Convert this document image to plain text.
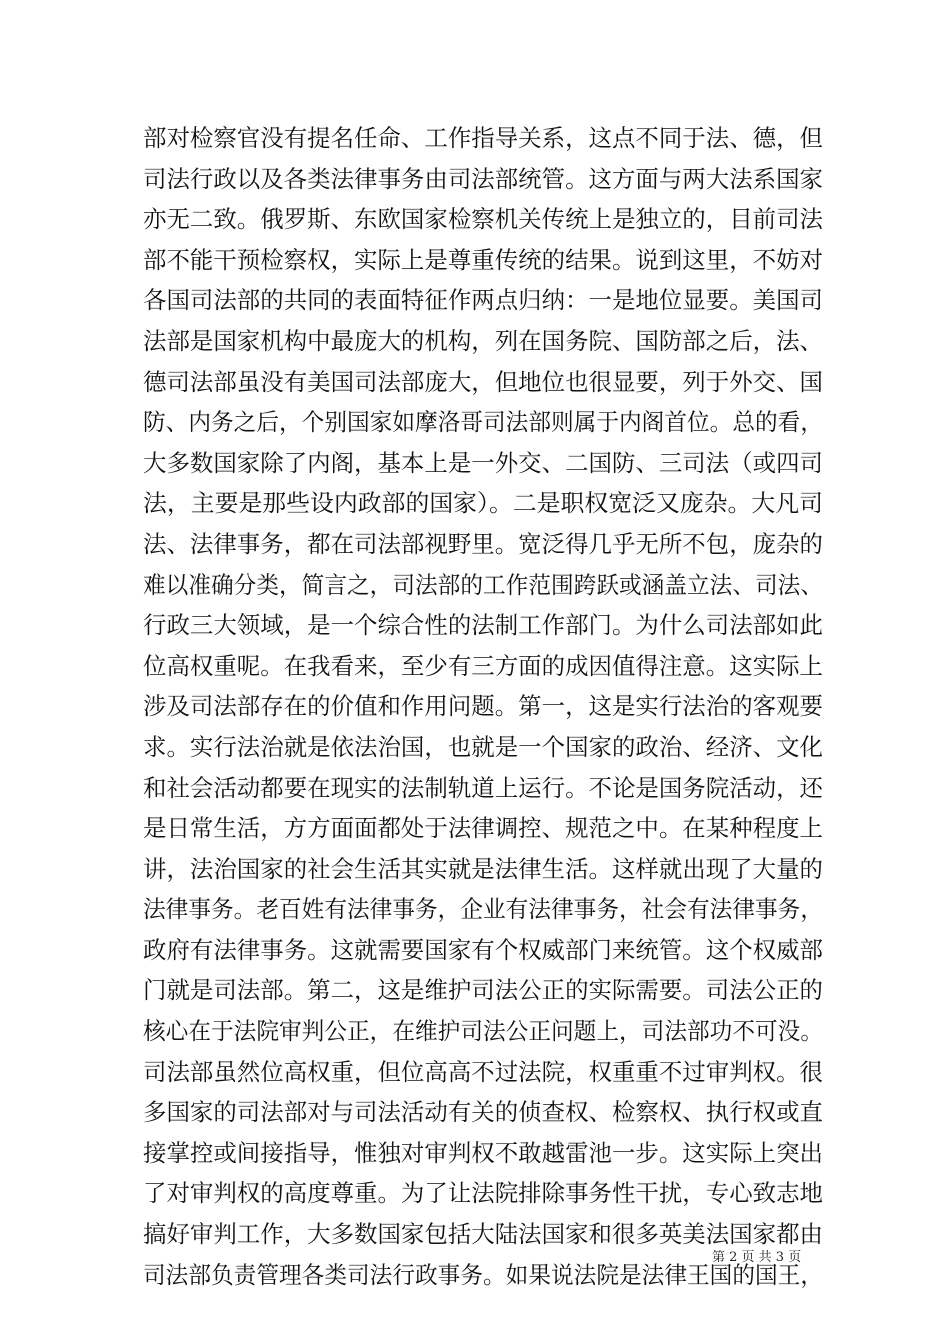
部对检察官没有提名任命、工作指导关系，这点不同于法、德，但
司法行政以及各类法律事务由司法部统管。这方面与两大法系国家
亦无二致。俄罗斯、东欧国家检察机关传统上是独立的，目前司法
部不能干预检察权，实际上是尊重传统的结果。说到这里，不妨对
各国司法部的共同的表面特征作两点归纳：一是地位显要。美国司
法部是国家机构中最庞大的机构，列在国务院、国防部之后，法、
德司法部虽没有美国司法部庞大，但地位也很显要，列于外交、国
防、内务之后，个别国家如摩洛哥司法部则属于内阁首位。总的看，
大多数国家除了内阁，基本上是一外交、二国防、三司法（或四司
法，主要是那些设内政部的国家）。二是职权宽泛又庞杂。大凡司
法、法律事务，都在司法部视野里。宽泛得几乎无所不包，庞杂的
难以准确分类，简言之，司法部的工作范围跨跃或涵盖立法、司法、
行政三大领域，是一个综合性的法制工作部门。为什么司法部如此
位高权重呢。在我看来，至少有三方面的成因值得注意。这实际上
涉及司法部存在的价值和作用问题。第一，这是实行法治的客观要
求。实行法治就是依法治国，也就是一个国家的政治、经济、文化
和社会活动都要在现实的法制轨道上运行。不论是国务院活动，还
是日常生活，方方面面都处于法律调控、规范之中。在某种程度上
讲，法治国家的社会生活其实就是法律生活。这样就出现了大量的
法律事务。老百姓有法律事务，企业有法律事务，社会有法律事务，
政府有法律事务。这就需要国家有个权威部门来统管。这个权威部
门就是司法部。第二，这是维护司法公正的实际需要。司法公正的
核心在于法院审判公正，在维护司法公正问题上，司法部功不可没。
司法部虽然位高权重，但位高高不过法院，权重重不过审判权。很
多国家的司法部对与司法活动有关的侦查权、检察权、执行权或直
接掌控或间接指导，惟独对审判权不敢越雷池一步。这实际上突出
了对审判权的高度尊重。为了让法院排除事务性干扰，专心致志地
搞好审判工作，大多数国家包括大陆法国家和很多英美法国家都由
司法部负责管理各类司法行政事务。如果说法院是法律王国的国王，
第 2 页 共 3 页
